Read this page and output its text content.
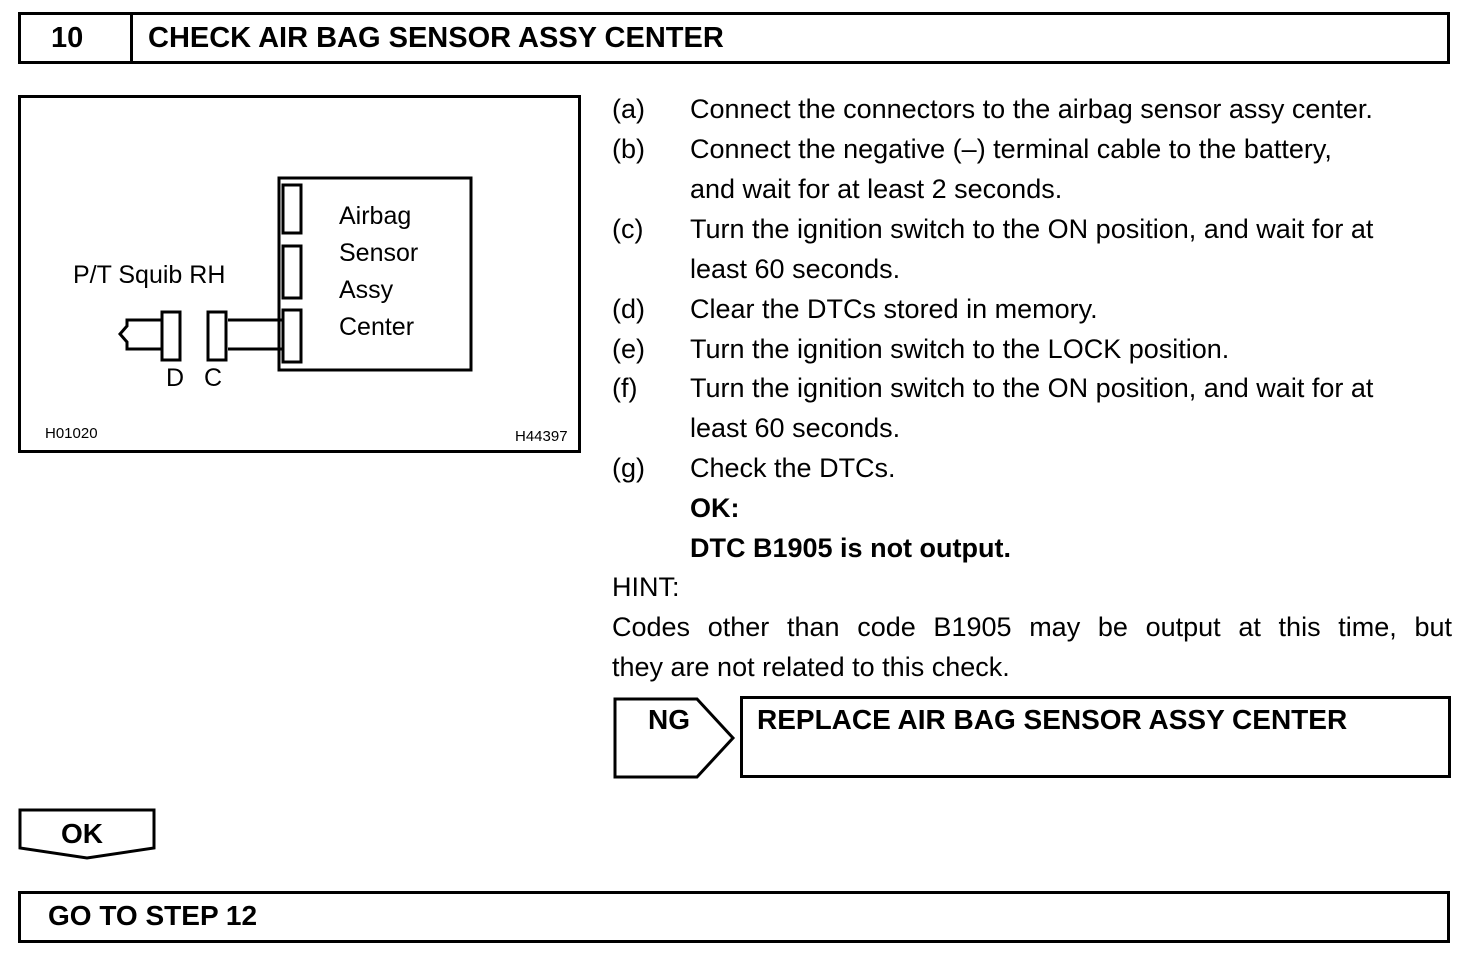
10	CHECK AIR BAG SENSOR ASSY CENTER
Airbag
Sensor
Assy
Center
P/T Squib RH
D C
H01020	H44397
(a)	Connect the connectors to the airbag sensor assy center.
(b)	Connect the negative (–) terminal cable to the battery,
and wait for at least 2 seconds.
(c)	Turn the ignition switch to the ON position, and wait for at
least 60 seconds.
(d)	Clear the DTCs stored in memory.
(e)	Turn the ignition switch to the LOCK position.
(f)	Turn the ignition switch to the ON position, and wait for at
least 60 seconds.
(g)	Check the DTCs.
OK:
DTC B1905 is not output.
HINT:
Codes other than code B1905 may be output at this time, but
they are not related to this check.
NG REPLACE AIR BAG SENSOR ASSY CENTER
OK
GO TO STEP 12
